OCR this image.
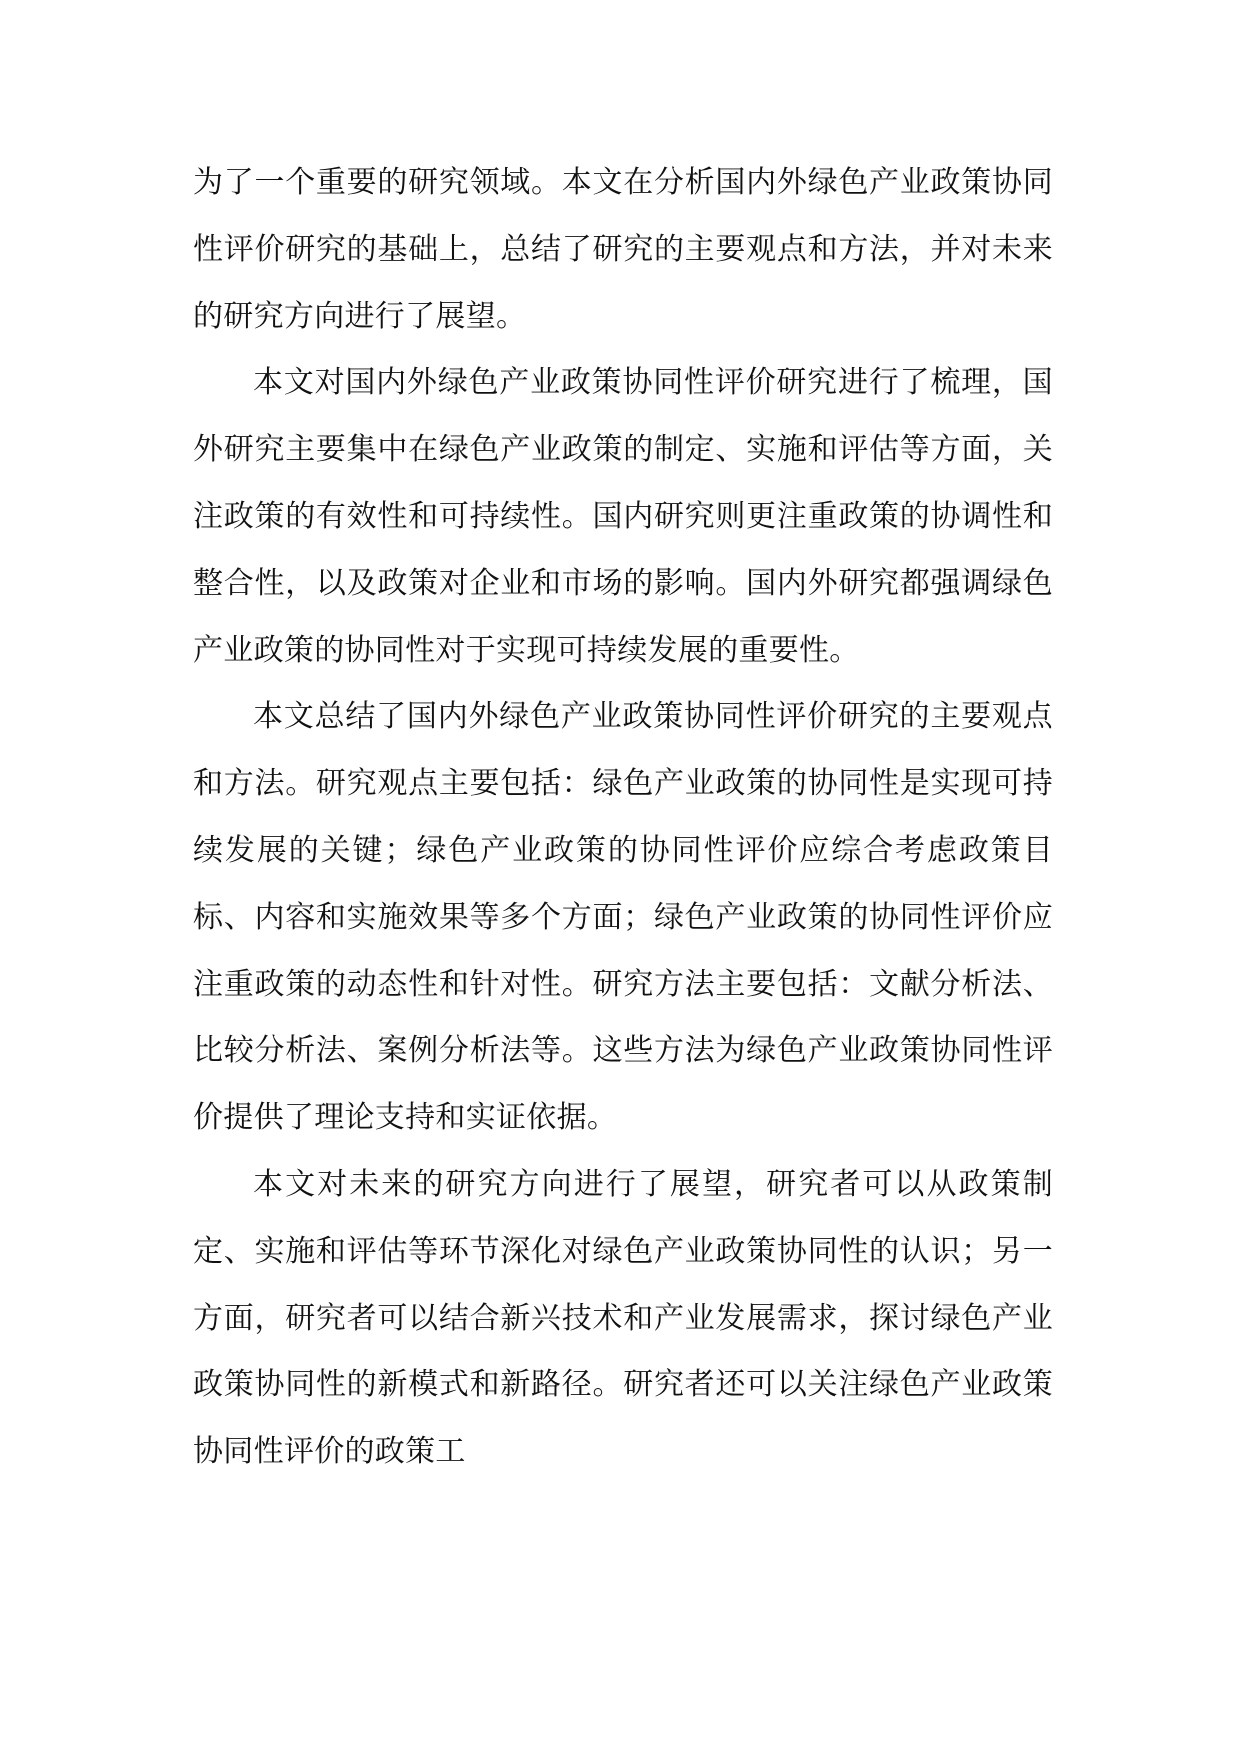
为了一个重要的研究领域。本文在分析国内外绿色产业政策协同性评价研究的基础上，总结了研究的主要观点和方法，并对未来的研究方向进行了展望。

本文对国内外绿色产业政策协同性评价研究进行了梳理，国外研究主要集中在绿色产业政策的制定、实施和评估等方面，关注政策的有效性和可持续性。国内研究则更注重政策的协调性和整合性，以及政策对企业和市场的影响。国内外研究都强调绿色产业政策的协同性对于实现可持续发展的重要性。

本文总结了国内外绿色产业政策协同性评价研究的主要观点和方法。研究观点主要包括：绿色产业政策的协同性是实现可持续发展的关键；绿色产业政策的协同性评价应综合考虑政策目标、内容和实施效果等多个方面；绿色产业政策的协同性评价应注重政策的动态性和针对性。研究方法主要包括：文献分析法、比较分析法、案例分析法等。这些方法为绿色产业政策协同性评价提供了理论支持和实证依据。

本文对未来的研究方向进行了展望，研究者可以从政策制定、实施和评估等环节深化对绿色产业政策协同性的认识；另一方面，研究者可以结合新兴技术和产业发展需求，探讨绿色产业政策协同性的新模式和新路径。研究者还可以关注绿色产业政策协同性评价的政策工
